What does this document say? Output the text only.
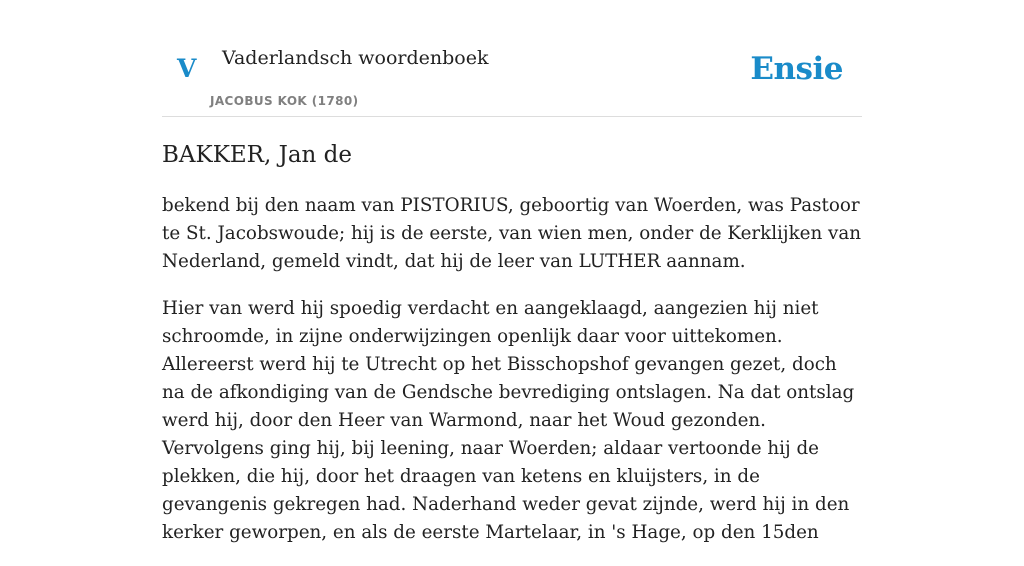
V Vaderlandsch woordenboek
JACOBUS KOK (1780)
Ensie
BAKKER, Jan de

bekend bij den naam van PISTORIUS, geboortig van Woerden, was Pastoor te St. Jacobswoude; hij is de eerste, van wien men, onder de Kerklijken van Nederland, gemeld vindt, dat hij de leer van LUTHER aannam.

Hier van werd hij spoedig verdacht en aangeklaagd, aangezien hij niet schroomde, in zijne onderwijzingen openlijk daar voor uittekomen. Allereerst werd hij te Utrecht op het Bisschopshof gevangen gezet, doch na de afkondiging van de Gendsche bevrediging ontslagen. Na dat ontslag werd hij, door den Heer van Warmond, naar het Woud gezonden. Vervolgens ging hij, bij leening, naar Woerden; aldaar vertoonde hij de plekken, die hij, door het draagen van ketens en kluijsters, in de gevangenis gekregen had. Naderhand weder gevat zijnde, werd hij in den kerker geworpen, en als de eerste Martelaar, in 's Hage, op den 15den
